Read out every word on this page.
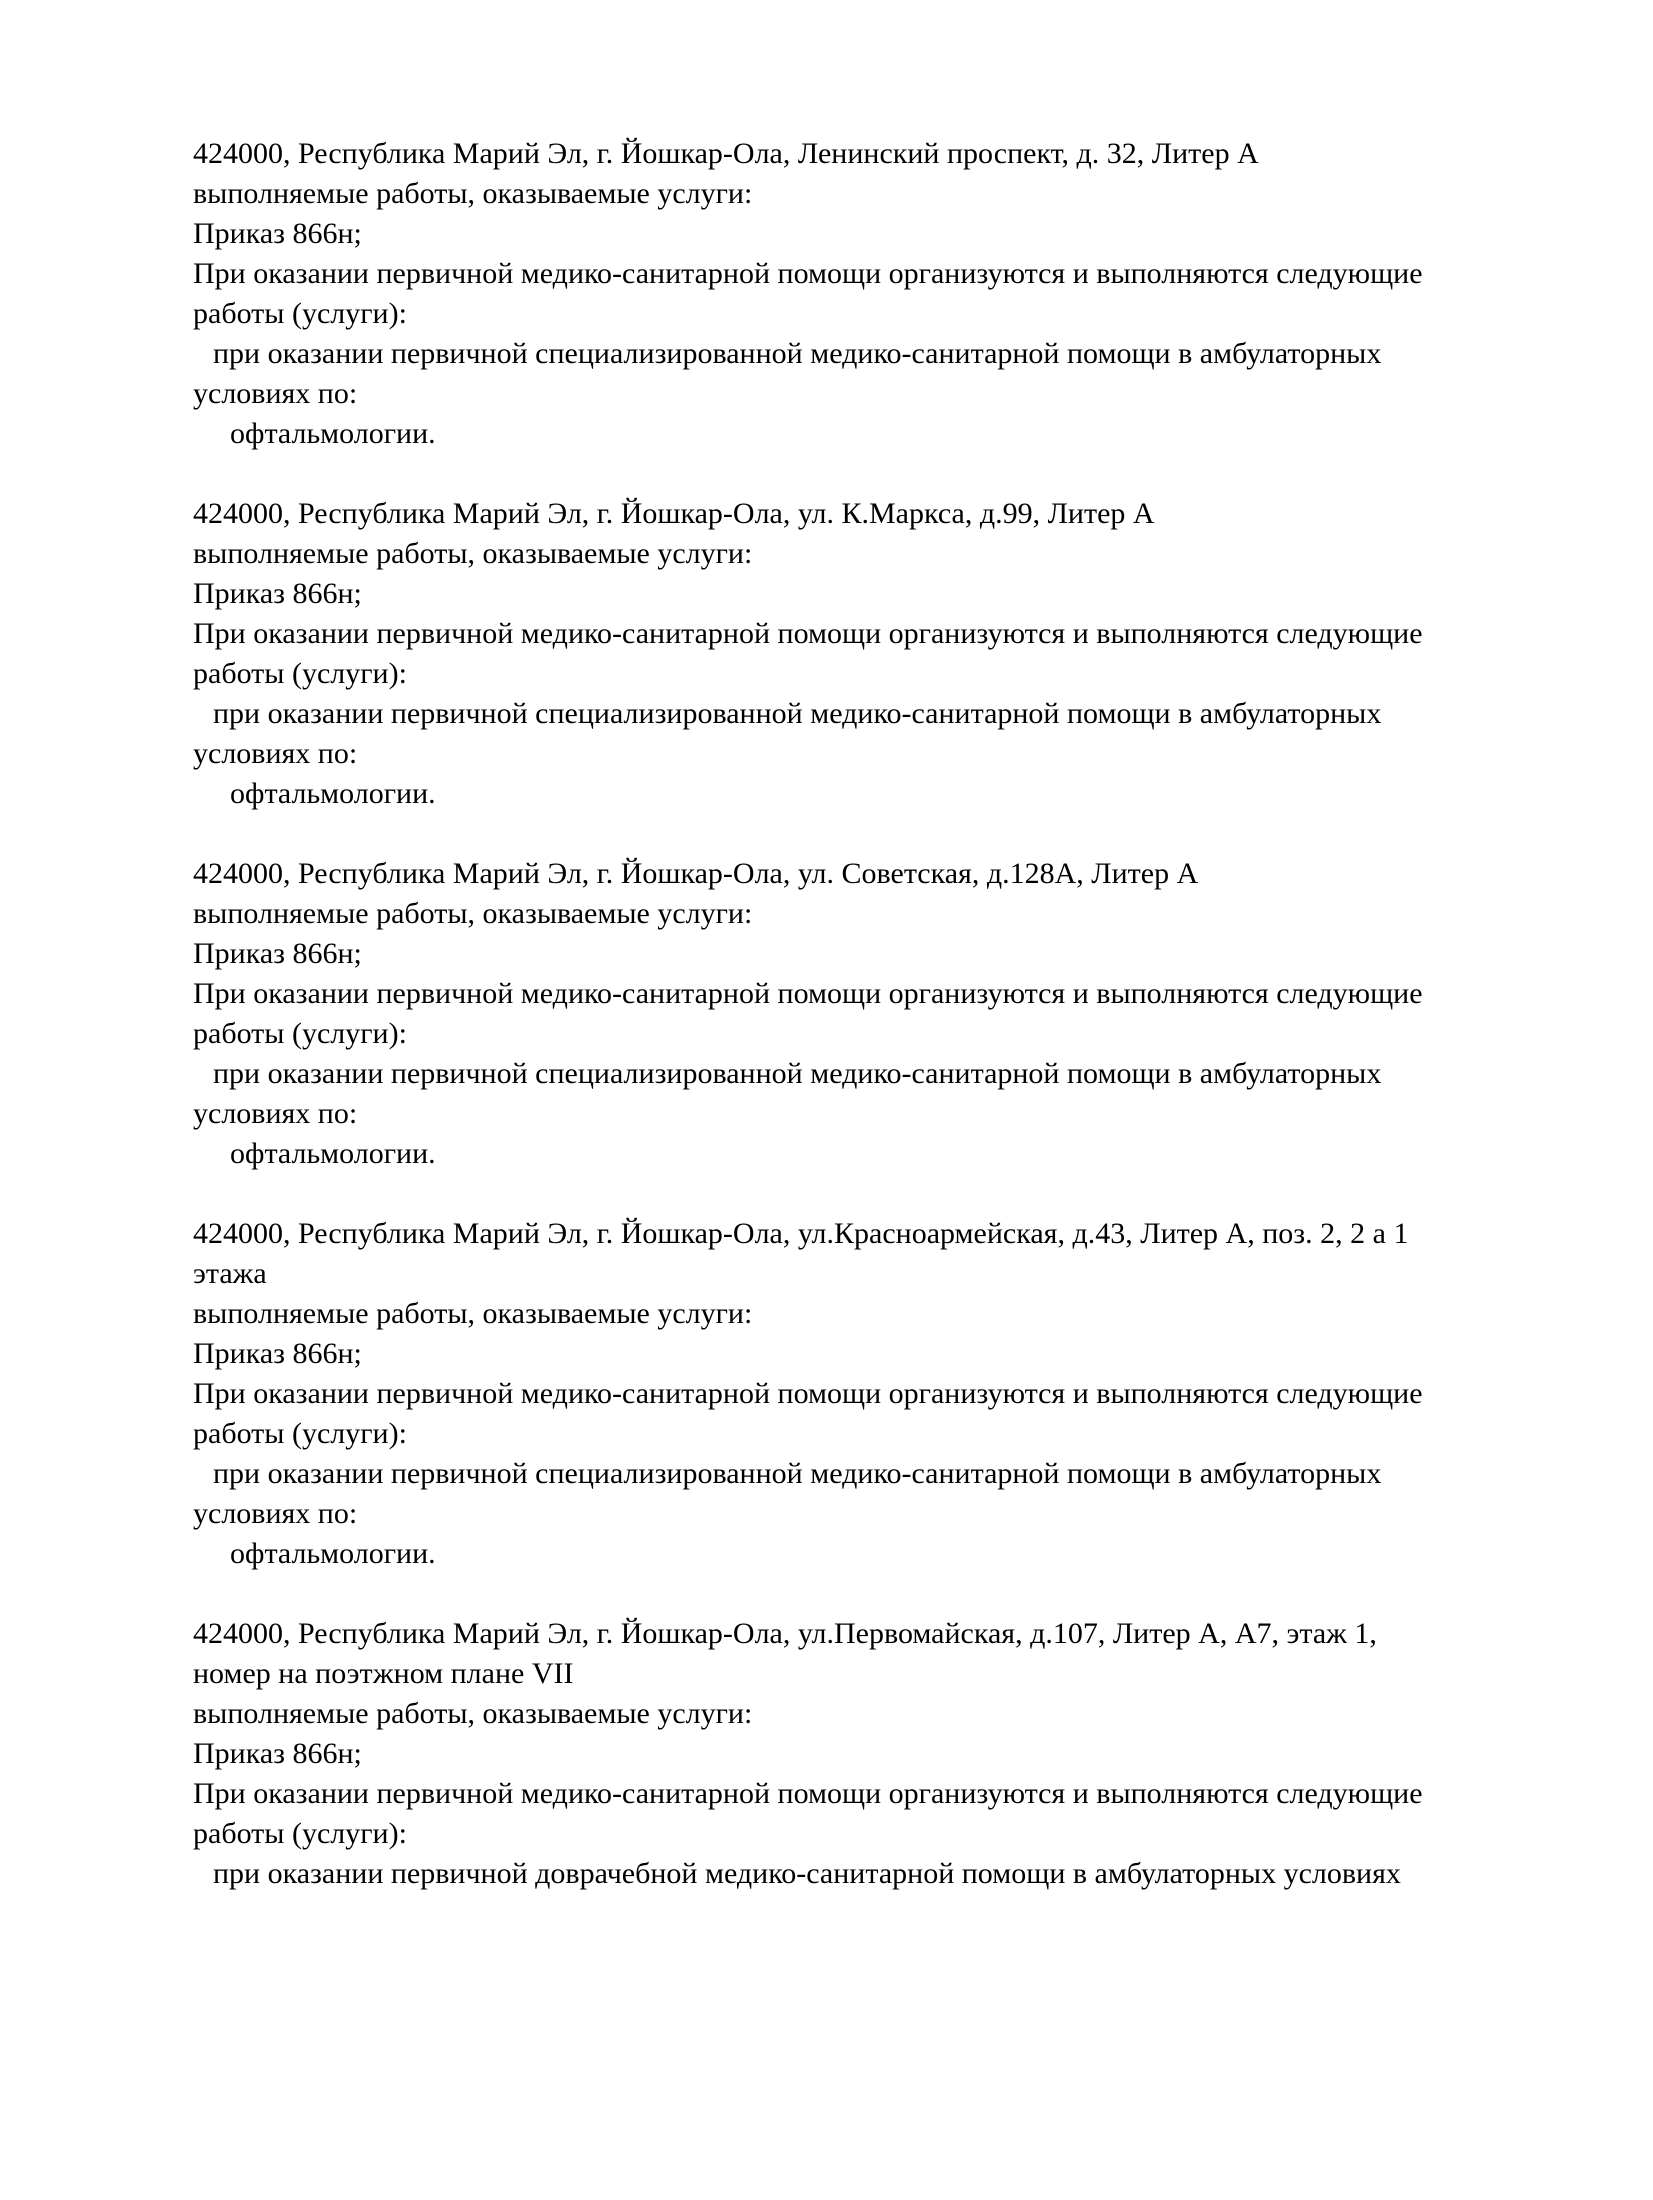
424000, Республика Марий Эл, г. Йошкар-Ола, Ленинский проспект, д. 32, Литер А
выполняемые работы, оказываемые услуги:
Приказ 866н;
При оказании первичной медико-санитарной помощи организуются и выполняются следующие
работы (услуги):
при оказании первичной специализированной медико-санитарной помощи в амбулаторных
условиях по:
офтальмологии.
424000, Республика Марий Эл, г. Йошкар-Ола, ул. К.Маркса, д.99, Литер А
выполняемые работы, оказываемые услуги:
Приказ 866н;
При оказании первичной медико-санитарной помощи организуются и выполняются следующие
работы (услуги):
при оказании первичной специализированной медико-санитарной помощи в амбулаторных
условиях по:
офтальмологии.
424000, Республика Марий Эл, г. Йошкар-Ола, ул. Советская, д.128А, Литер А
выполняемые работы, оказываемые услуги:
Приказ 866н;
При оказании первичной медико-санитарной помощи организуются и выполняются следующие
работы (услуги):
при оказании первичной специализированной медико-санитарной помощи в амбулаторных
условиях по:
офтальмологии.
424000, Республика Марий Эл, г. Йошкар-Ола, ул.Красноармейская, д.43, Литер А, поз. 2, 2 а 1
этажа
выполняемые работы, оказываемые услуги:
Приказ 866н;
При оказании первичной медико-санитарной помощи организуются и выполняются следующие
работы (услуги):
при оказании первичной специализированной медико-санитарной помощи в амбулаторных
условиях по:
офтальмологии.
424000, Республика Марий Эл, г. Йошкар-Ола, ул.Первомайская, д.107, Литер А, А7, этаж 1,
номер на поэтжном плане VII
выполняемые работы, оказываемые услуги:
Приказ 866н;
При оказании первичной медико-санитарной помощи организуются и выполняются следующие
работы (услуги):
при оказании первичной доврачебной медико-санитарной помощи в амбулаторных условиях
